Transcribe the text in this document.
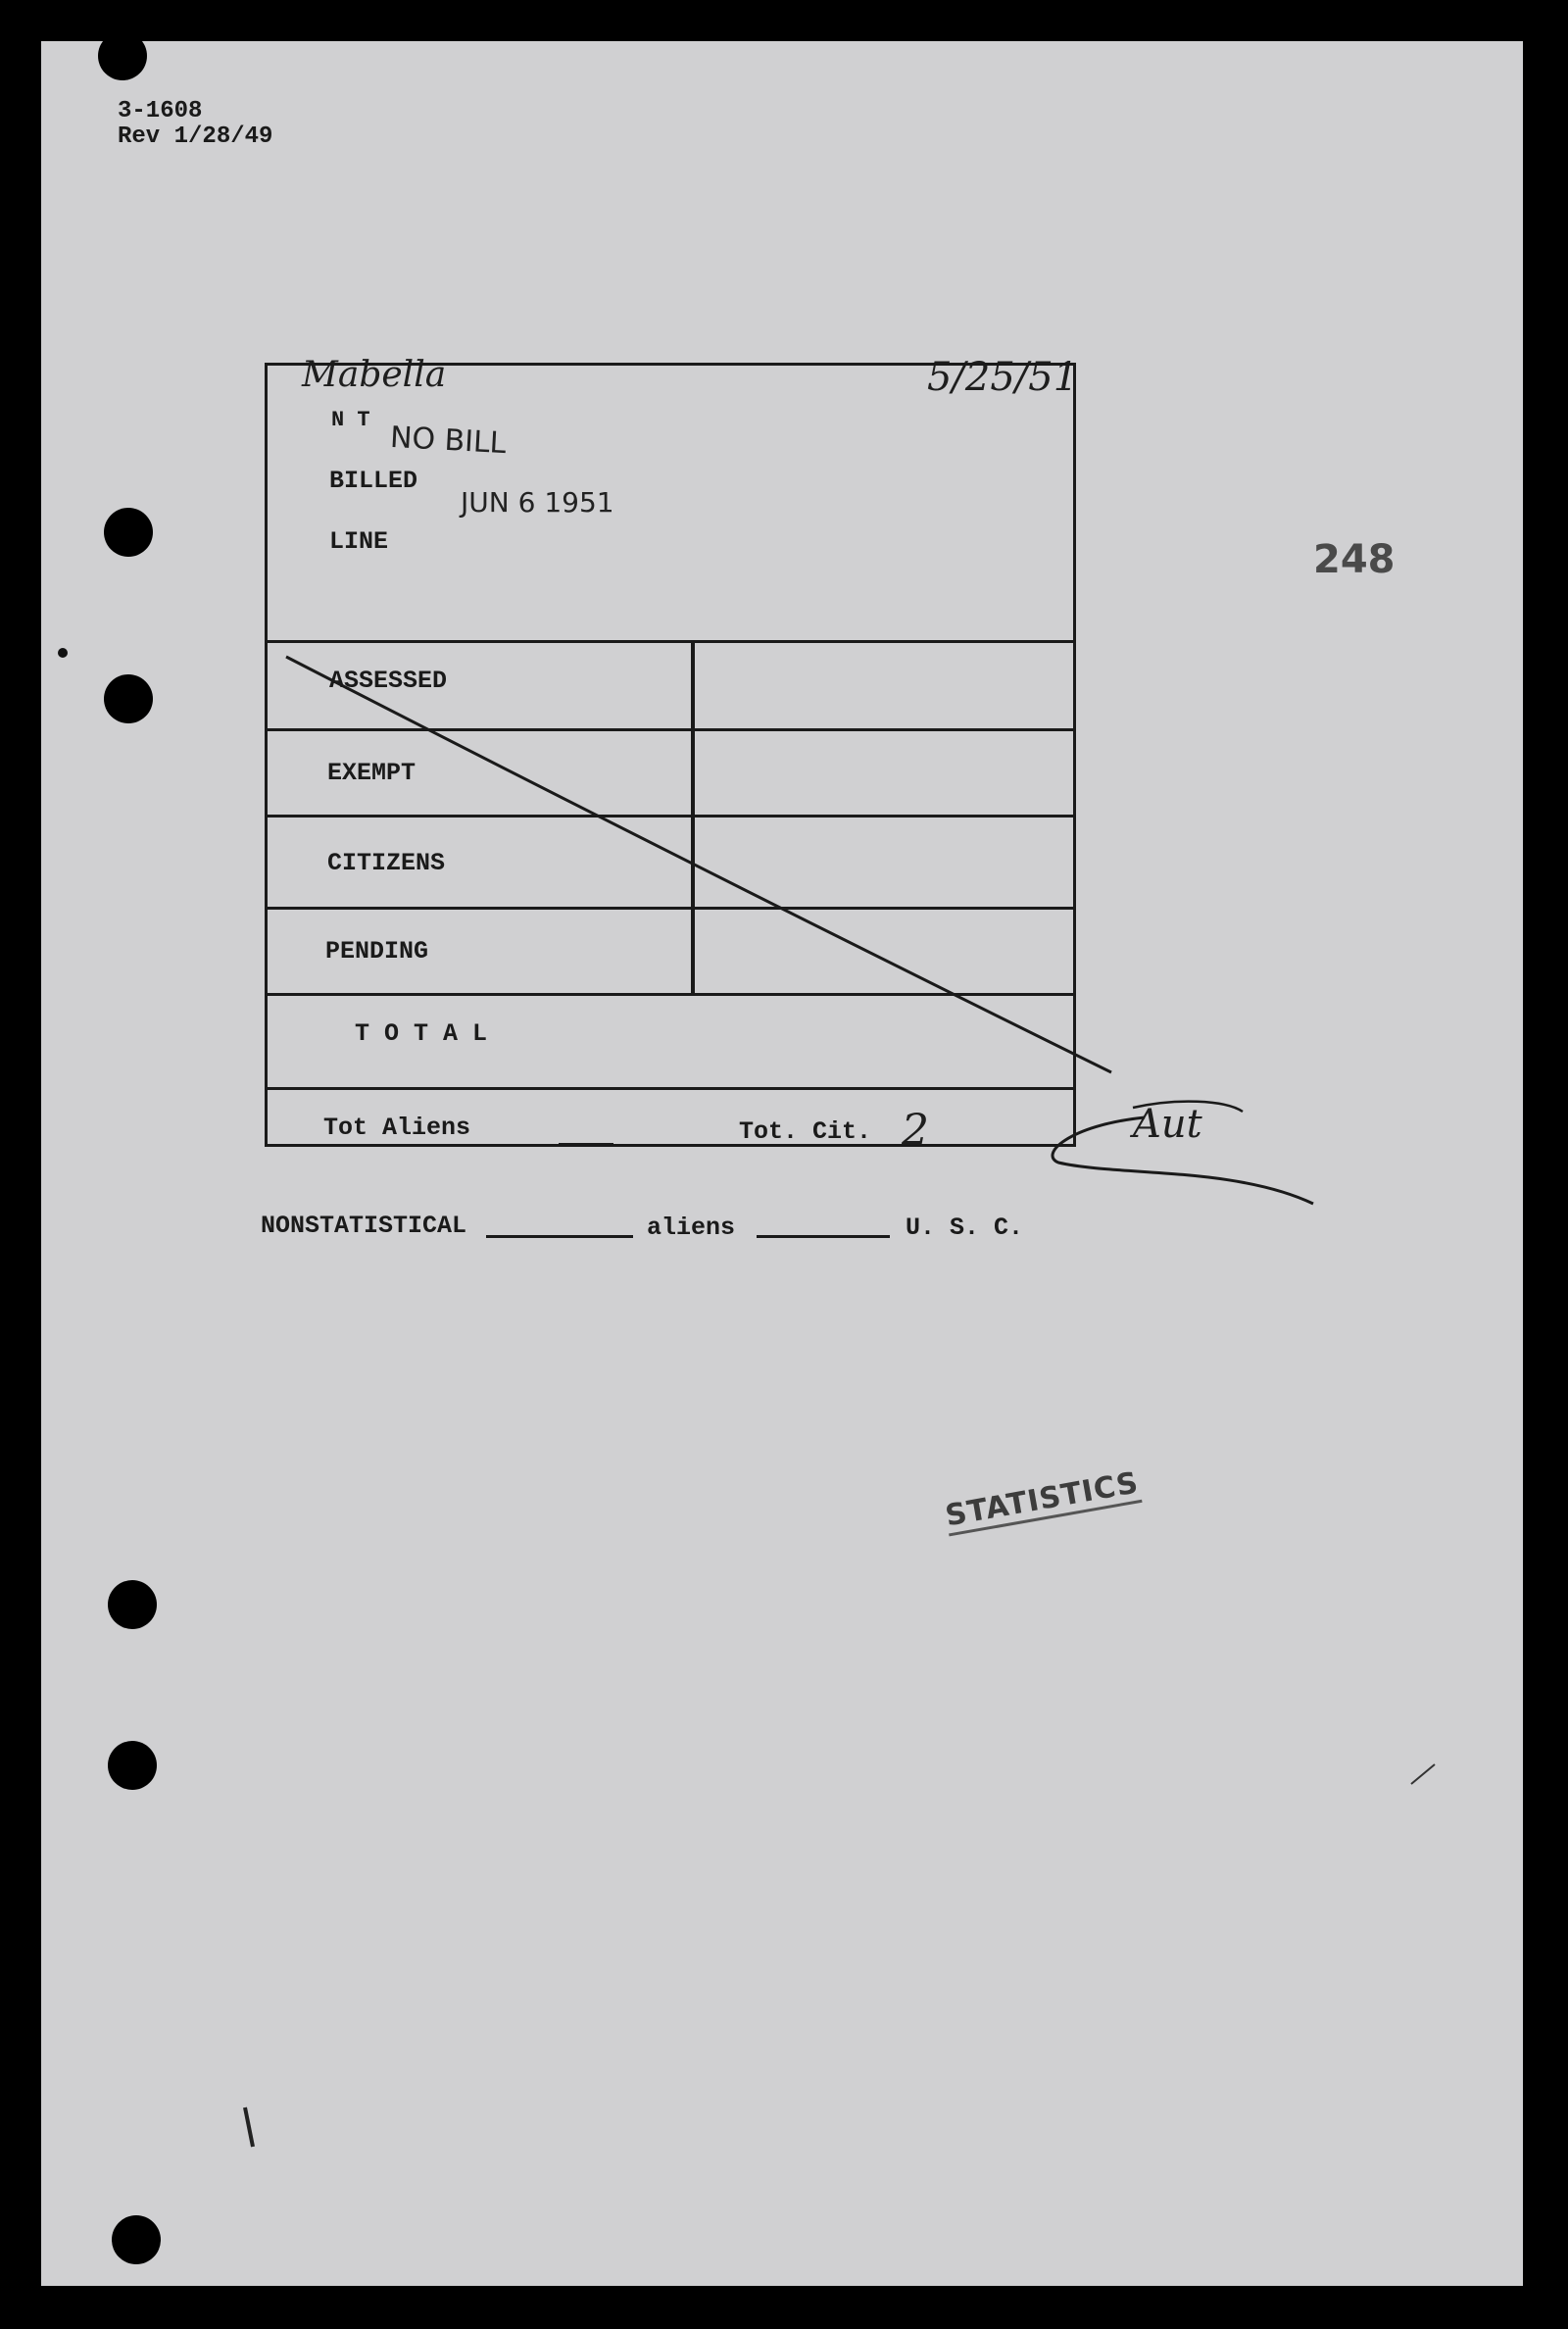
3-1608
Rev 1/28/49
Mabella	5/25/51
248
N T
NO BILL
BILLED
JUN 6 1951
LINE
ASSESSED
EXEMPT
CITIZENS
PENDING
T O T A L
Tot Aliens	Tot. Cit. 2
NONSTATISTICAL	aliens	U. S. C.
STATISTICS
Aut
